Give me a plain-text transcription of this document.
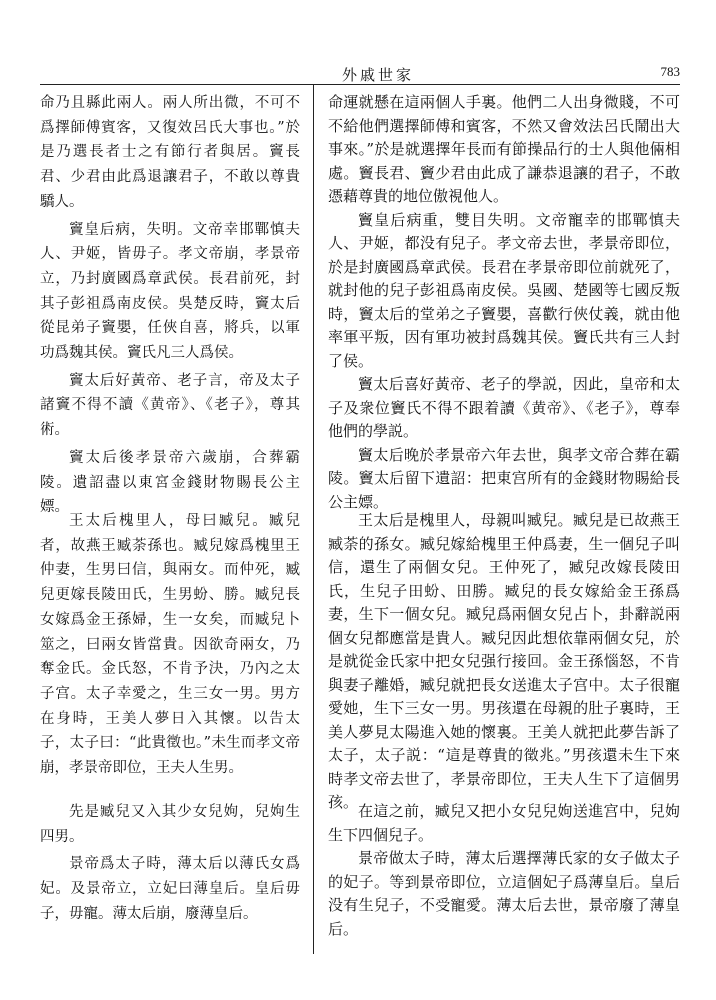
外戚世家	783

命乃且縣此兩人。兩人所出微，不可不爲擇師傅賓客，又復效呂氏大事也。”於是乃選長者士之有節行者與居。竇長君、少君由此爲退讓君子，不敢以尊貴驕人。

竇皇后病，失明。文帝幸邯鄲慎夫人、尹姬，皆毋子。孝文帝崩，孝景帝立，乃封廣國爲章武侯。長君前死，封其子彭祖爲南皮侯。吳楚反時，竇太后從昆弟子竇嬰，任俠自喜，將兵，以軍功爲魏其侯。竇氏凡三人爲侯。

竇太后好黃帝、老子言，帝及太子諸竇不得不讀《黄帝》、《老子》，尊其術。

竇太后後孝景帝六歲崩，合葬霸陵。遺詔盡以東宮金錢財物賜長公主嫖。

命運就懸在這兩個人手裏。他們二人出身微賤，不可不給他們選擇師傅和賓客，不然又會效法呂氏鬧出大事來。”於是就選擇年長而有節操品行的士人與他倆相處。竇長君、竇少君由此成了謙恭退讓的君子，不敢憑藉尊貴的地位傲視他人。

竇皇后病重，雙目失明。文帝寵幸的邯鄲慎夫人、尹姬，都没有兒子。孝文帝去世，孝景帝即位，於是封廣國爲章武侯。長君在孝景帝即位前就死了，就封他的兒子彭祖爲南皮侯。吳國、楚國等七國反叛時，竇太后的堂弟之子竇嬰，喜歡行俠仗義，就由他率軍平叛，因有軍功被封爲魏其侯。竇氏共有三人封了侯。

竇太后喜好黃帝、老子的學説，因此，皇帝和太子及衆位竇氏不得不跟着讀《黄帝》、《老子》，尊奉他們的學説。

竇太后晚於孝景帝六年去世，與孝文帝合葬在霸陵。竇太后留下遺詔：把東宫所有的金錢財物賜給長公主嫖。

王太后槐里人，母曰臧兒。臧兒者，故燕王臧荼孫也。臧兒嫁爲槐里王仲妻，生男曰信，與兩女。而仲死，臧兒更嫁長陵田氏，生男蚡、勝。臧兒長女嫁爲金王孫婦，生一女矣，而臧兒卜筮之，曰兩女皆當貴。因欲奇兩女，乃奪金氏。金氏怒，不肯予決，乃內之太子宫。太子幸愛之，生三女一男。男方在身時，王美人夢日入其懷。以告太子，太子曰：“此貴徵也。”未生而孝文帝崩，孝景帝即位，王夫人生男。

王太后是槐里人，母親叫臧兒。臧兒是已故燕王臧荼的孫女。臧兒嫁給槐里王仲爲妻，生一個兒子叫信，還生了兩個女兒。王仲死了，臧兒改嫁長陵田氏，生兒子田蚡、田勝。臧兒的長女嫁給金王孫爲妻，生下一個女兒。臧兒爲兩個女兒占卜，卦辭説兩個女兒都應當是貴人。臧兒因此想依靠兩個女兒，於是就從金氏家中把女兒强行接回。金王孫惱怒，不肯與妻子離婚，臧兒就把長女送進太子宫中。太子很寵愛她，生下三女一男。男孩還在母親的肚子裏時，王美人夢見太陽進入她的懷裏。王美人就把此夢告訴了太子，太子説：“這是尊貴的徵兆。”男孩還未生下來時孝文帝去世了，孝景帝即位，王夫人生下了這個男孩。

先是臧兒又入其少女兒姁，兒姁生四男。

景帝爲太子時，薄太后以薄氏女爲妃。及景帝立，立妃曰薄皇后。皇后毋子，毋寵。薄太后崩，廢薄皇后。

在這之前，臧兒又把小女兒兒姁送進宫中，兒姁生下四個兒子。

景帝做太子時，薄太后選擇薄氏家的女子做太子的妃子。等到景帝即位，立這個妃子爲薄皇后。皇后没有生兒子，不受寵愛。薄太后去世，景帝廢了薄皇后。
